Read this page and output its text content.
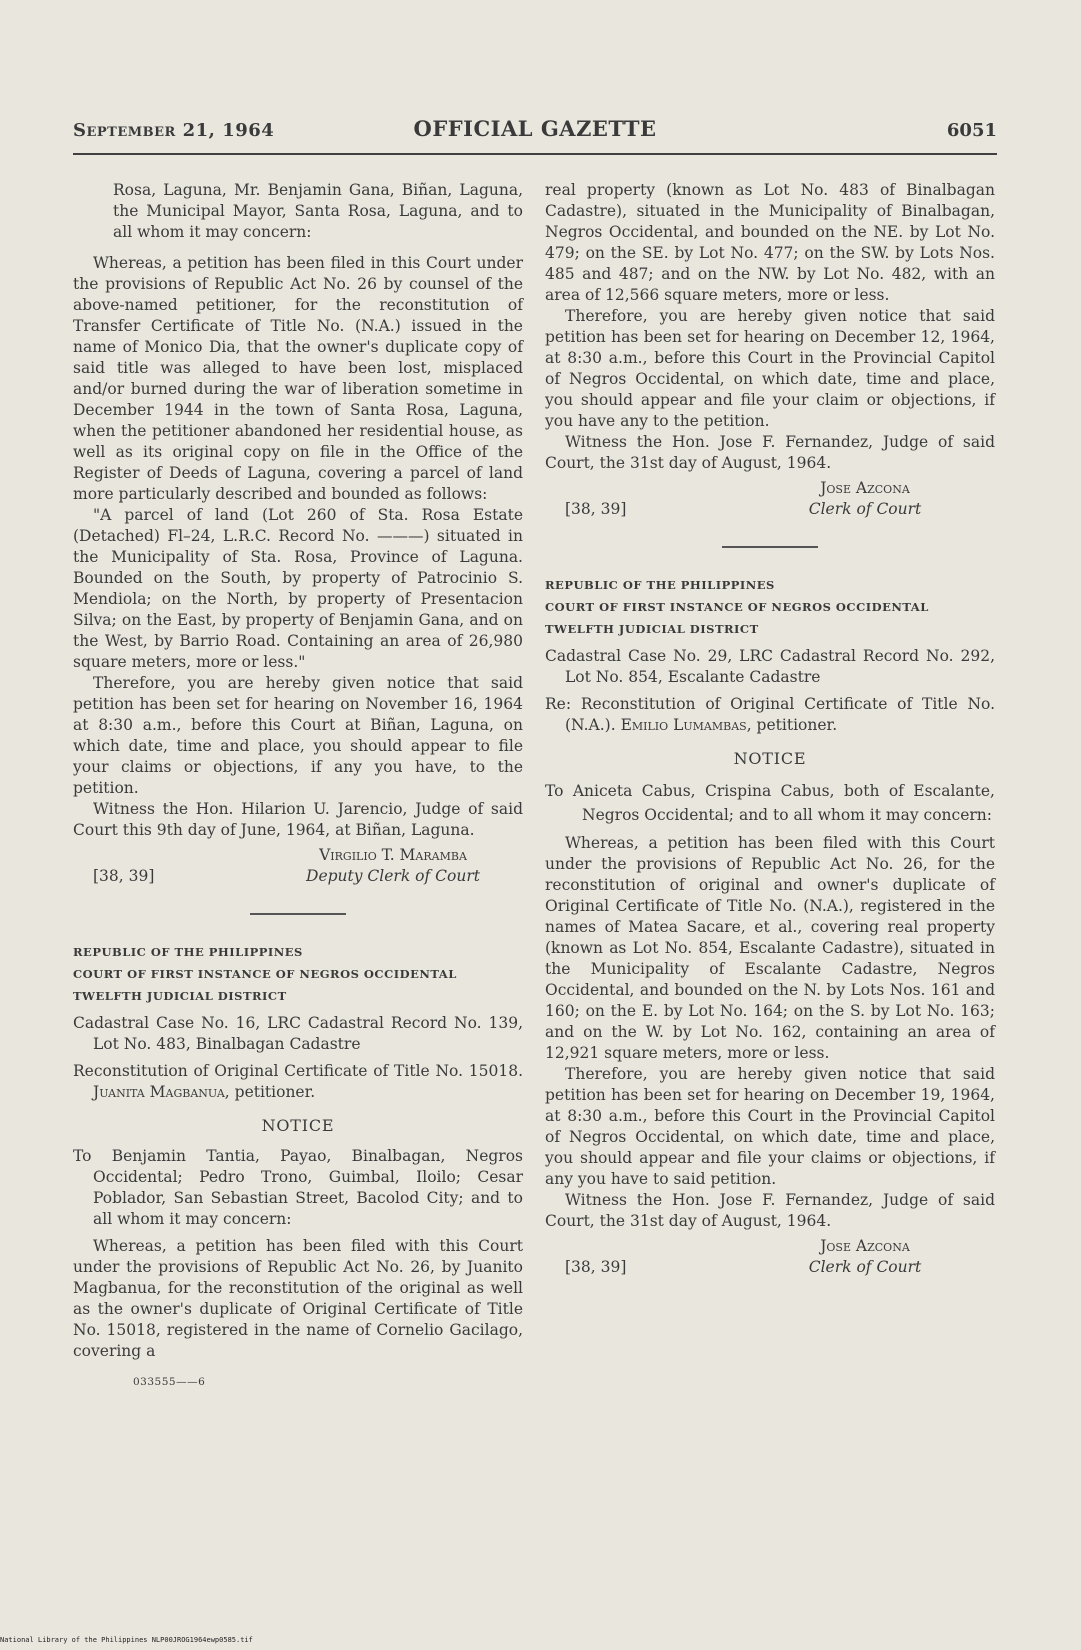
September 21, 1964	OFFICIAL GAZETTE	6051

Rosa, Laguna, Mr. Benjamin Gana, Biñan, Laguna, the Municipal Mayor, Santa Rosa, Laguna, and to all whom it may concern:

Whereas, a petition has been filed in this Court under the provisions of Republic Act No. 26 by counsel of the above-named petitioner, for the reconstitution of Transfer Certificate of Title No. (N.A.) issued in the name of Monico Dia, that the owner's duplicate copy of said title was alleged to have been lost, misplaced and/or burned during the war of liberation sometime in December 1944 in the town of Santa Rosa, Laguna, when the petitioner abandoned her residential house, as well as its original copy on file in the Office of the Register of Deeds of Laguna, covering a parcel of land more particularly described and bounded as follows:

"A parcel of land (Lot 260 of Sta. Rosa Estate (Detached) Fl–24, L.R.C. Record No. ———) situated in the Municipality of Sta. Rosa, Province of Laguna. Bounded on the South, by property of Patrocinio S. Mendiola; on the North, by property of Presentacion Silva; on the East, by property of Benjamin Gana, and on the West, by Barrio Road. Containing an area of 26,980 square meters, more or less."

Therefore, you are hereby given notice that said petition has been set for hearing on November 16, 1964 at 8:30 a.m., before this Court at Biñan, Laguna, on which date, time and place, you should appear to file your claims or objections, if any you have, to the petition.

Witness the Hon. Hilarion U. Jarencio, Judge of said Court this 9th day of June, 1964, at Biñan, Laguna.

Virgilio T. Maramba
Deputy Clerk of Court
[38, 39]

REPUBLIC OF THE PHILIPPINES

COURT OF FIRST INSTANCE OF NEGROS OCCIDENTAL

TWELFTH JUDICIAL DISTRICT

Cadastral Case No. 16, LRC Cadastral Record No. 139, Lot No. 483, Binalbagan Cadastre

Reconstitution of Original Certificate of Title No. 15018. Juanita Magbanua, petitioner.

NOTICE

To Benjamin Tantia, Payao, Binalbagan, Negros Occidental; Pedro Trono, Guimbal, Iloilo; Cesar Poblador, San Sebastian Street, Bacolod City; and to all whom it may concern:

Whereas, a petition has been filed with this Court under the provisions of Republic Act No. 26, by Juanito Magbanua, for the reconstitution of the original as well as the owner's duplicate of Original Certificate of Title No. 15018, registered in the name of Cornelio Gacilago, covering a

033555——6

real property (known as Lot No. 483 of Binalbagan Cadastre), situated in the Municipality of Binalbagan, Negros Occidental, and bounded on the NE. by Lot No. 479; on the SE. by Lot No. 477; on the SW. by Lots Nos. 485 and 487; and on the NW. by Lot No. 482, with an area of 12,566 square meters, more or less.

Therefore, you are hereby given notice that said petition has been set for hearing on December 12, 1964, at 8:30 a.m., before this Court in the Provincial Capitol of Negros Occidental, on which date, time and place, you should appear and file your claim or objections, if you have any to the petition.

Witness the Hon. Jose F. Fernandez, Judge of said Court, the 31st day of August, 1964.

Jose Azcona
Clerk of Court
[38, 39]

REPUBLIC OF THE PHILIPPINES

COURT OF FIRST INSTANCE OF NEGROS OCCIDENTAL

TWELFTH JUDICIAL DISTRICT

Cadastral Case No. 29, LRC Cadastral Record No. 292, Lot No. 854, Escalante Cadastre

Re: Reconstitution of Original Certificate of Title No. (N.A.). Emilio Lumambas, petitioner.

NOTICE

To Aniceta Cabus, Crispina Cabus, both of Escalante, Negros Occidental; and to all whom it may concern:

Whereas, a petition has been filed with this Court under the provisions of Republic Act No. 26, for the reconstitution of original and owner's duplicate of Original Certificate of Title No. (N.A.), registered in the names of Matea Sacare, et al., covering real property (known as Lot No. 854, Escalante Cadastre), situated in the Municipality of Escalante Cadastre, Negros Occidental, and bounded on the N. by Lots Nos. 161 and 160; on the E. by Lot No. 164; on the S. by Lot No. 163; and on the W. by Lot No. 162, containing an area of 12,921 square meters, more or less.

Therefore, you are hereby given notice that said petition has been set for hearing on December 19, 1964, at 8:30 a.m., before this Court in the Provincial Capitol of Negros Occidental, on which date, time and place, you should appear and file your claims or objections, if any you have to said petition.

Witness the Hon. Jose F. Fernandez, Judge of said Court, the 31st day of August, 1964.

Jose Azcona
Clerk of Court
[38, 39]
National Library of the Philippines NLP00JROG1964ewp0585.tif
